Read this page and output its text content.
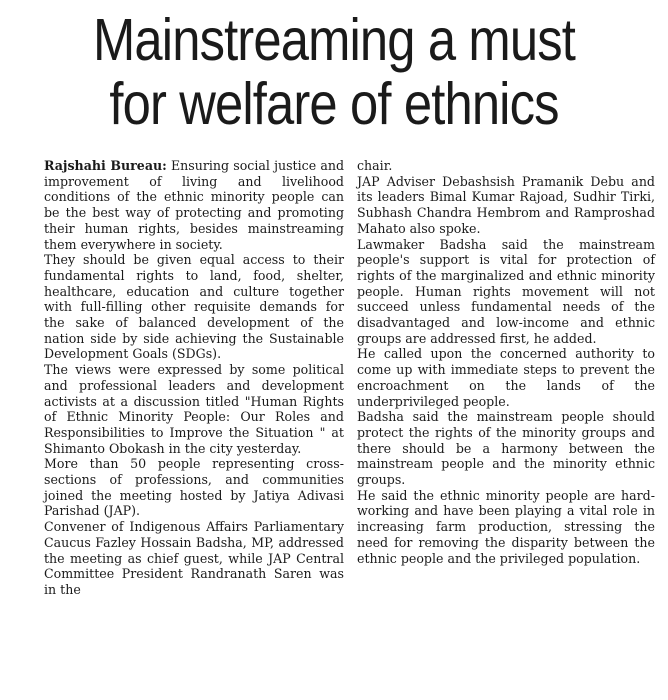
Mainstreaming a must
for welfare of ethnics

Rajshahi Bureau: Ensuring social justice and improvement of living and livelihood conditions of the ethnic minority people can be the best way of protecting and promoting their human rights, besides mainstreaming them everywhere in society.

They should be given equal access to their fundamental rights to land, food, shelter, healthcare, education and culture together with full-filling other requisite demands for the sake of balanced development of the nation side by side achieving the Sustainable Development Goals (SDGs).

The views were expressed by some political and professional leaders and development activists at a discussion titled "Human Rights of Ethnic Minority People: Our Roles and Responsibilities to Improve the Situation " at Shimanto Obokash in the city yesterday.

More than 50 people representing cross-sections of professions, and communities joined the meeting hosted by Jatiya Adivasi Parishad (JAP).

Convener of Indigenous Affairs Parliamentary Caucus Fazley Hossain Badsha, MP, addressed the meeting as chief guest, while JAP Central Committee President Randranath Saren was in the

chair.

JAP Adviser Debashsish Pramanik Debu and its leaders Bimal Kumar Rajoad, Sudhir Tirki, Subhash Chandra Hembrom and Ramproshad Mahato also spoke.

Lawmaker Badsha said the mainstream people's support is vital for protection of rights of the marginalized and ethnic minority people. Human rights movement will not succeed unless fundamental needs of the disadvantaged and low-income and ethnic groups are addressed first, he added.

He called upon the concerned authority to come up with immediate steps to prevent the encroachment on the lands of the underprivileged people.

Badsha said the mainstream people should protect the rights of the minority groups and there should be a harmony between the mainstream people and the minority ethnic groups.

He said the ethnic minority people are hard-working and have been playing a vital role in increasing farm production, stressing the need for removing the disparity between the ethnic people and the privileged population.
